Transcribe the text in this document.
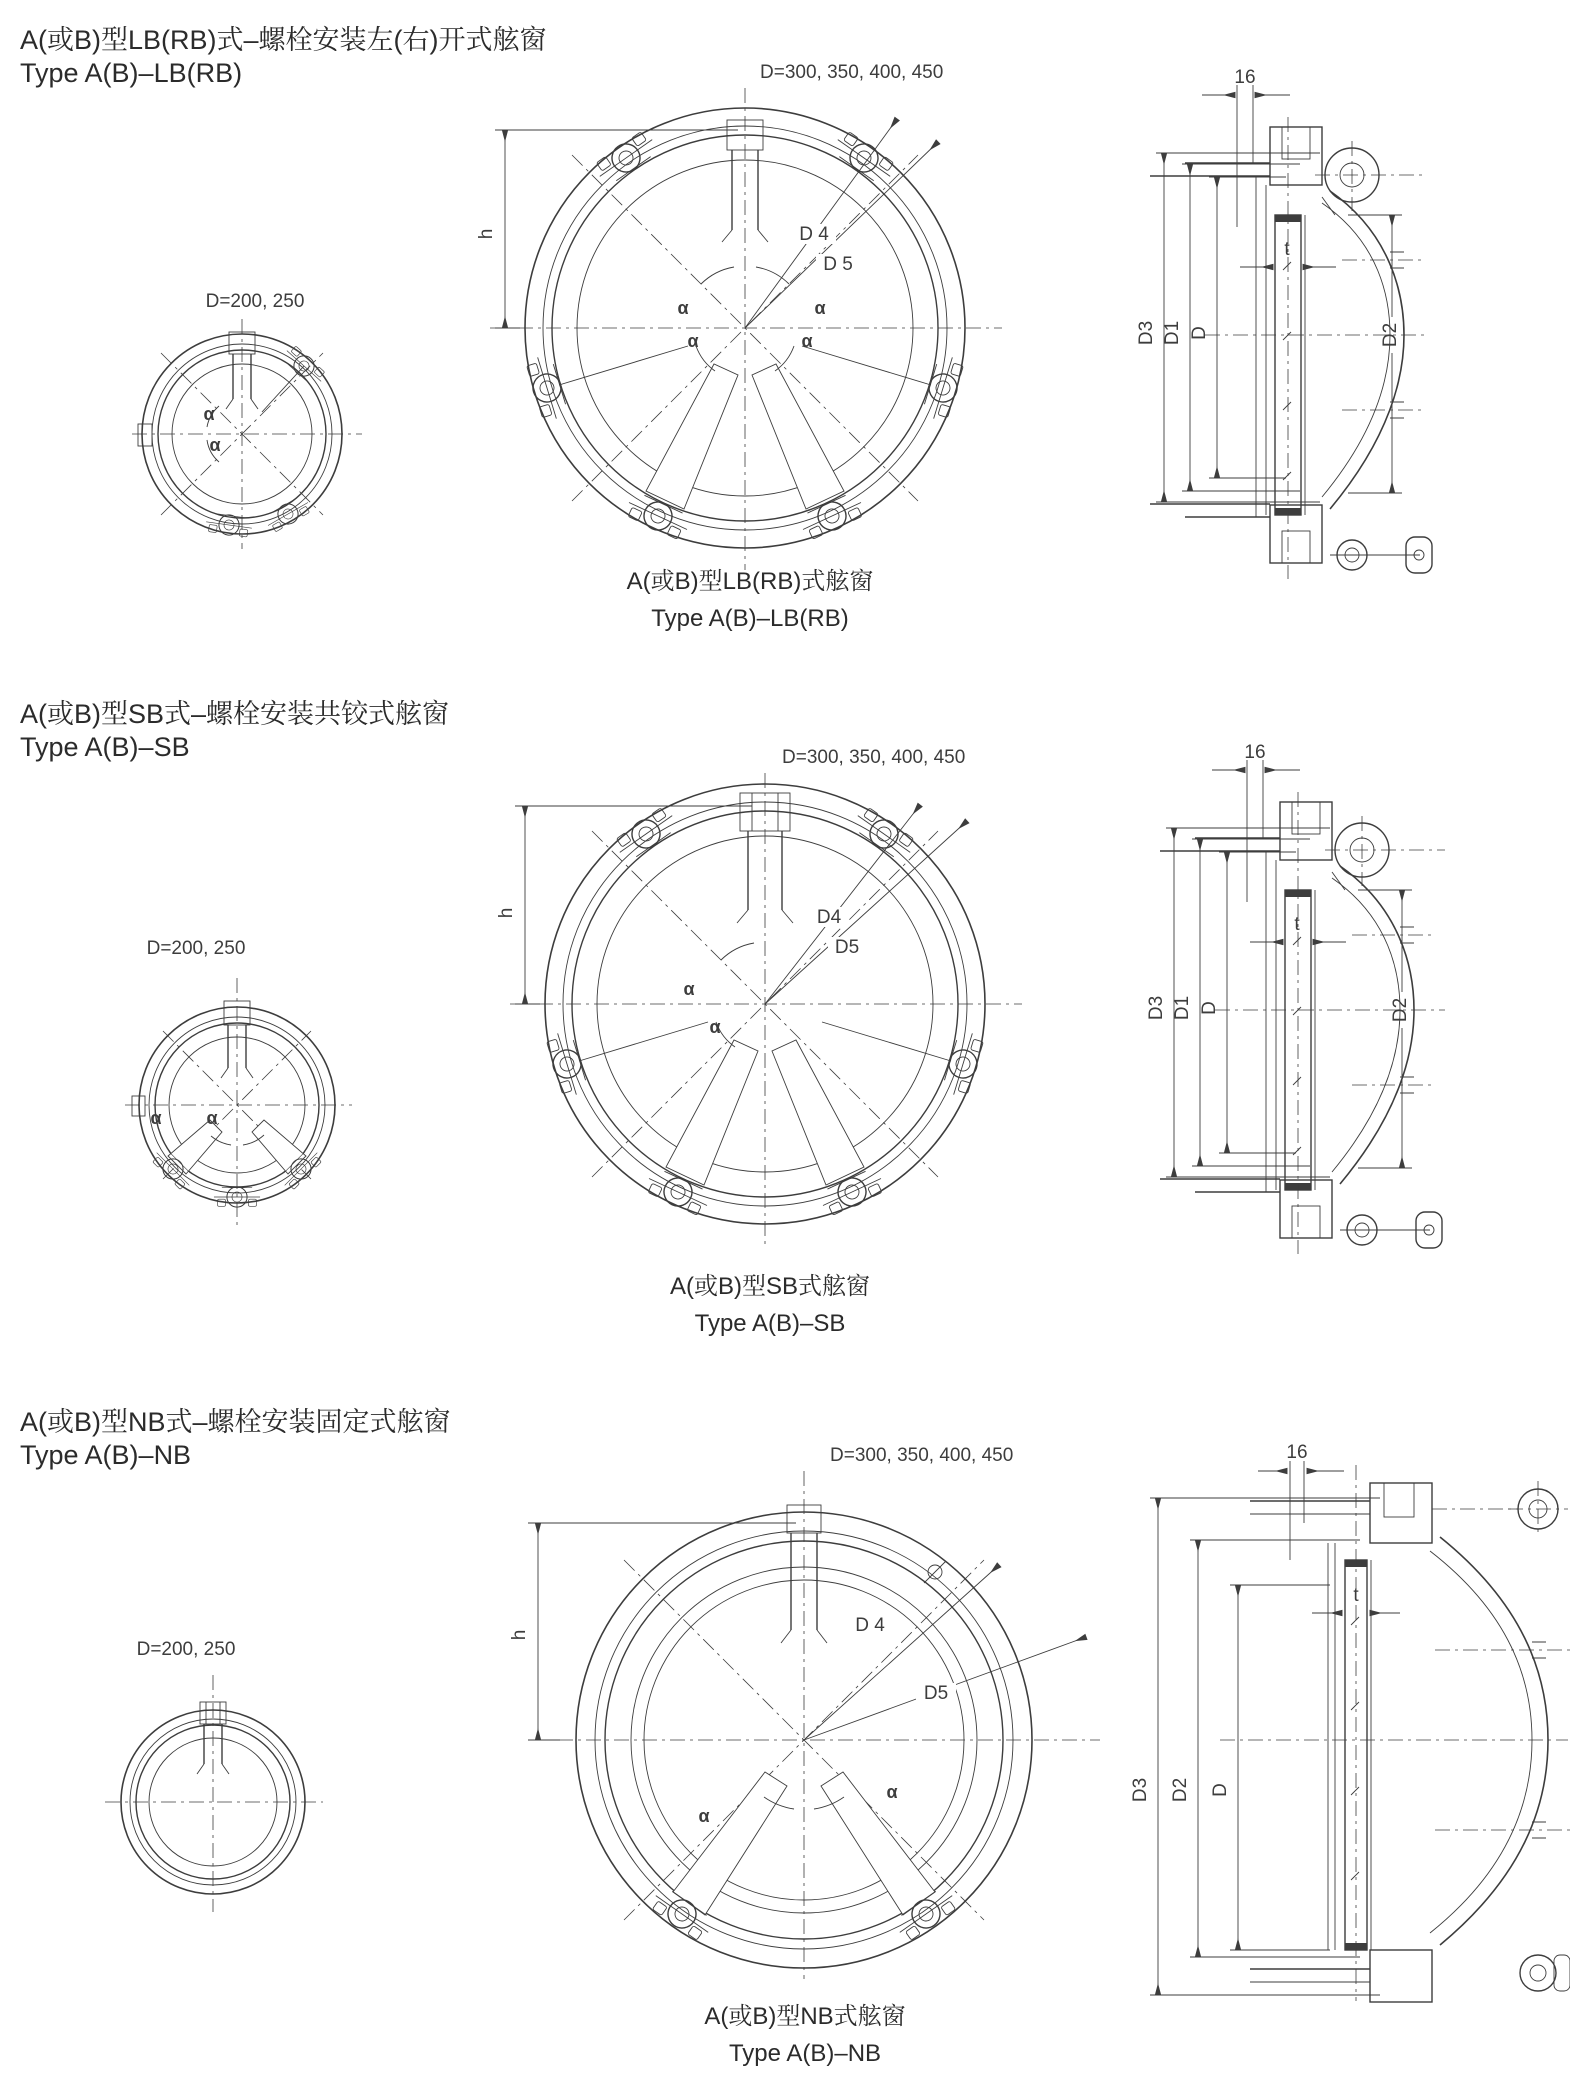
A(或B)型LB(RB)式–螺栓安装左(右)开式舷窗
Type A(B)–LB(RB)
D=200, 250
α
α
D=300, 350, 400, 450
h	D 4
D 5
α	α
α	α
16
D3 D1 D	D2
t
A(或B)型LB(RB)式舷窗
Type A(B)–LB(RB)
A(或B)型SB式–螺栓安装共铰式舷窗
Type A(B)–SB
D=200, 250
α α
D=300, 350, 400, 450
h	D4
D5
α
α
16
D3 D1 D	D2
t
A(或B)型SB式舷窗
Type A(B)–SB
A(或B)型NB式–螺栓安装固定式舷窗
Type A(B)–NB
D=200, 250
D=300, 350, 400, 450
h	D 4
D5
α
α
16
D3 D2 D
t
A(或B)型NB式舷窗
Type A(B)–NB
